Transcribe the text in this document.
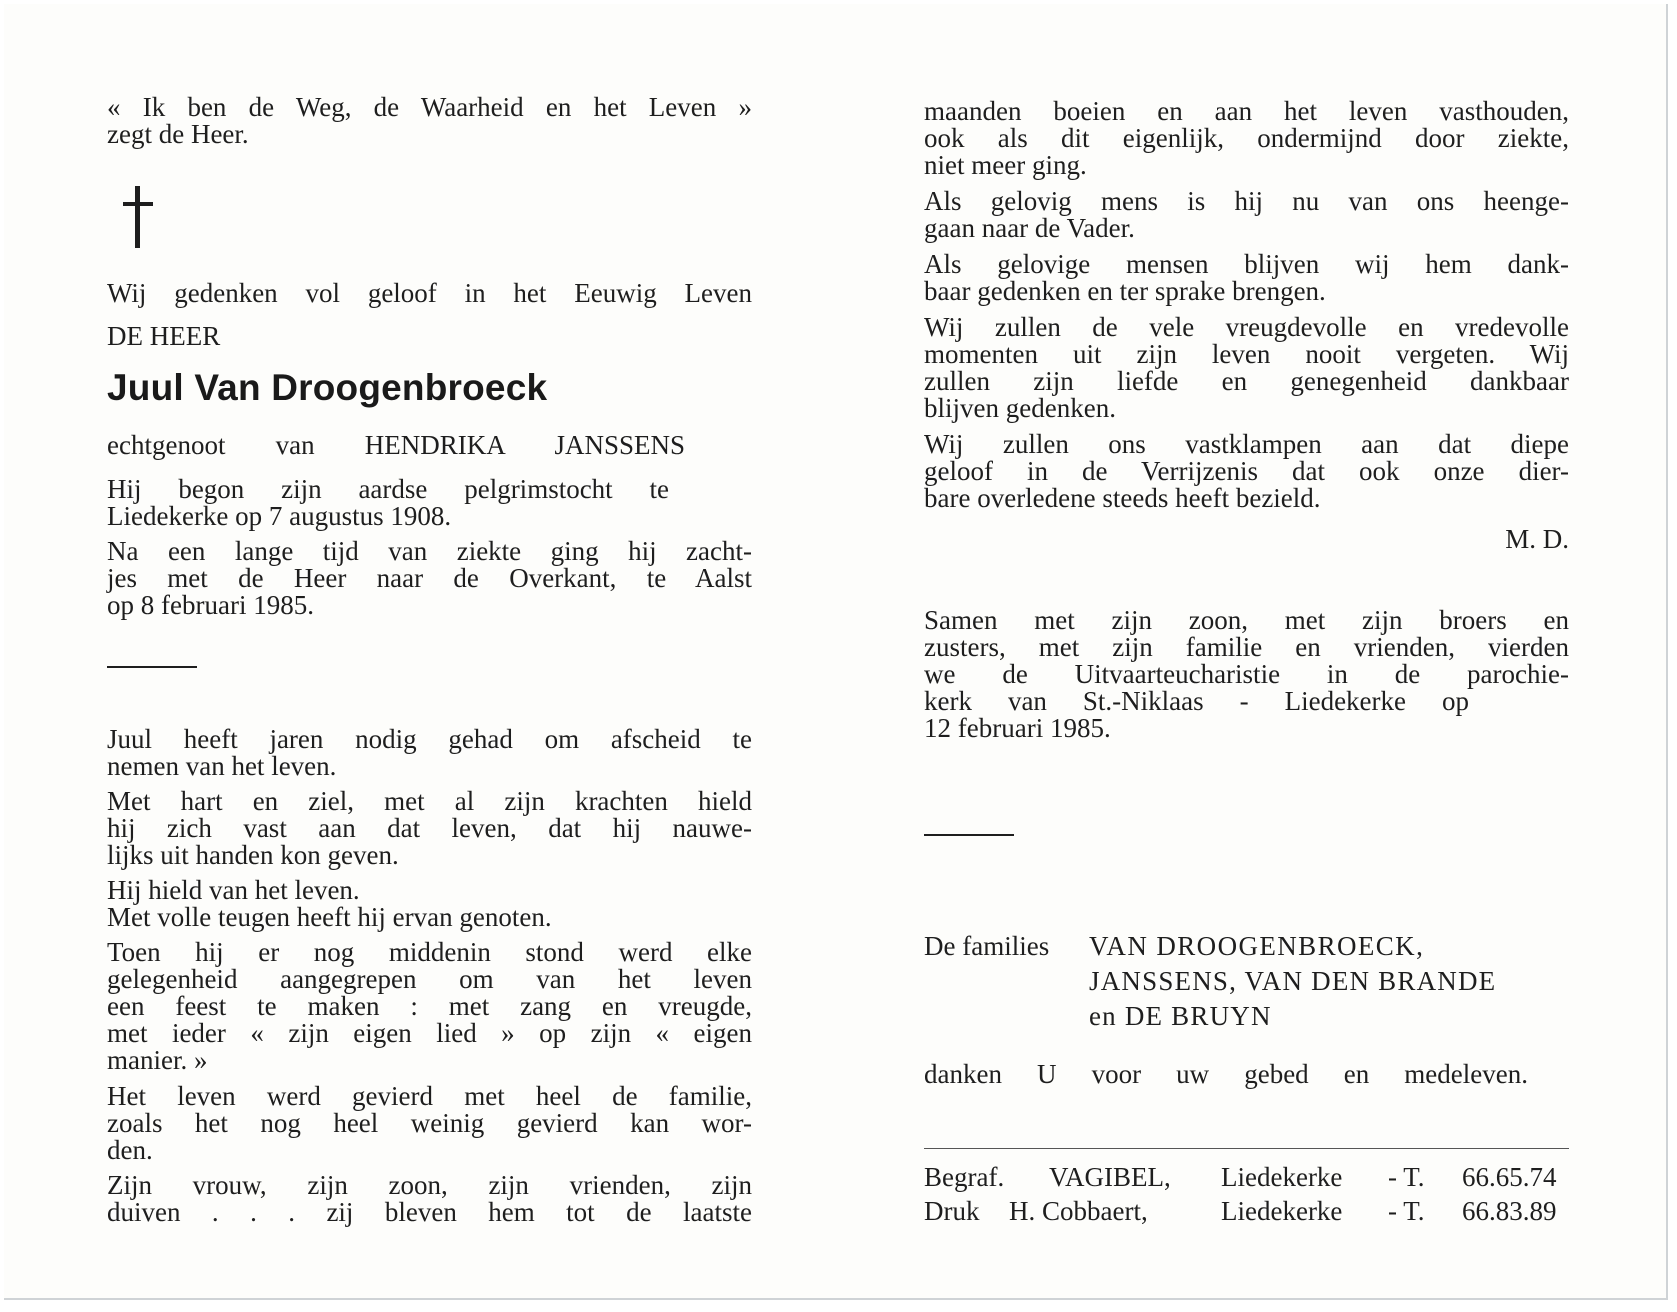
« Ik ben de Weg, de Waarheid en het Leven »
zegt de Heer.
Wij gedenken vol geloof in het Eeuwig Leven
DE HEER
Juul Van Droogenbroeck
echtgenoot van HENDRIKA JANSSENS
Hij begon zijn aardse pelgrimstocht te
Liedekerke op 7 augustus 1908.
Na een lange tijd van ziekte ging hij zacht-
jes met de Heer naar de Overkant, te Aalst
op 8 februari 1985.
Juul heeft jaren nodig gehad om afscheid te
nemen van het leven.
Met hart en ziel, met al zijn krachten hield
hij zich vast aan dat leven, dat hij nauwe-
lijks uit handen kon geven.
Hij hield van het leven.
Met volle teugen heeft hij ervan genoten.
Toen hij er nog middenin stond werd elke
gelegenheid aangegrepen om van het leven
een feest te maken : met zang en vreugde,
met ieder « zijn eigen lied » op zijn « eigen
manier. »
Het leven werd gevierd met heel de familie,
zoals het nog heel weinig gevierd kan wor-
den.
Zijn vrouw, zijn zoon, zijn vrienden, zijn
duiven . . . zij bleven hem tot de laatste
maanden boeien en aan het leven vasthouden,
ook als dit eigenlijk, ondermijnd door ziekte,
niet meer ging.
Als gelovig mens is hij nu van ons heenge-
gaan naar de Vader.
Als gelovige mensen blijven wij hem dank-
baar gedenken en ter sprake brengen.
Wij zullen de vele vreugdevolle en vredevolle
momenten uit zijn leven nooit vergeten. Wij
zullen zijn liefde en genegenheid dankbaar
blijven gedenken.
Wij zullen ons vastklampen aan dat diepe
geloof in de Verrijzenis dat ook onze dier-
bare overledene steeds heeft bezield.
M. D.
Samen met zijn zoon, met zijn broers en
zusters, met zijn familie en vrienden, vierden
we de Uitvaarteucharistie in de parochie-
kerk van St.-Niklaas - Liedekerke op
12 februari 1985.
De families VAN DROOGENBROECK,
JANSSENS, VAN DEN BRANDE
en DE BRUYN
danken U voor uw gebed en medeleven.
Begraf. VAGIBEL, Liedekerke - T. 66.65.74
Druk H. Cobbaert,	Liedekerke - T. 66.83.89
